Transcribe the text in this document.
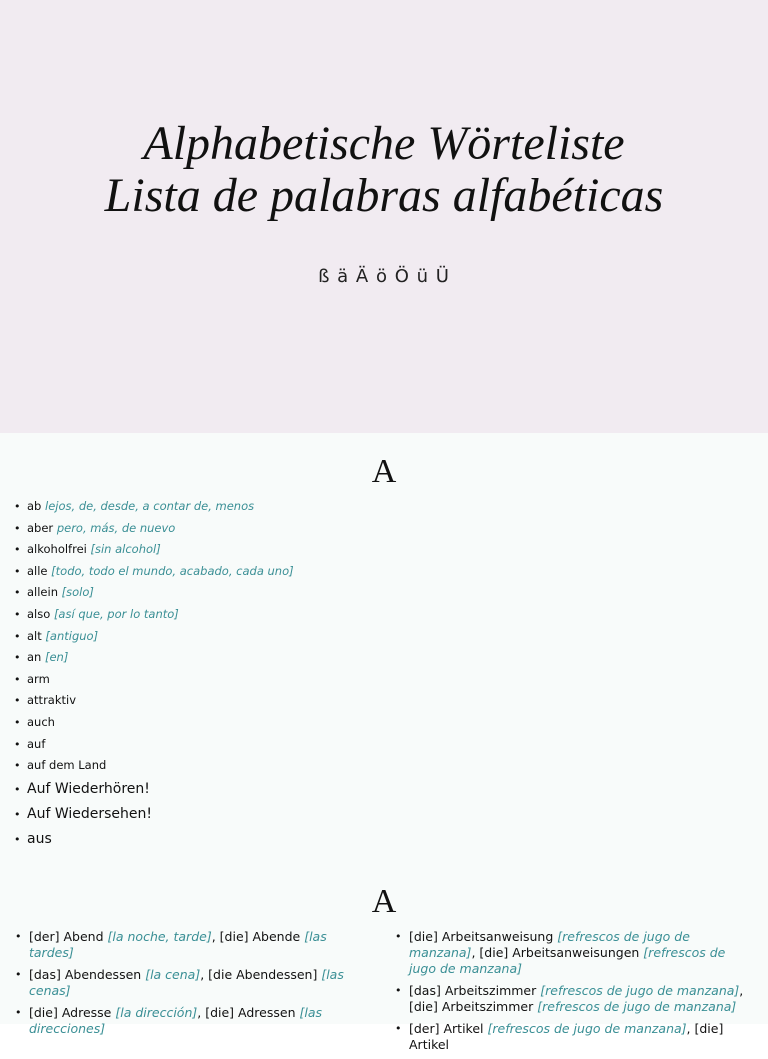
Alphabetische Wörteliste
Lista de palabras alfabéticas
ß ä Ä ö Ö ü Ü
A
• ab lejos, de, desde, a contar de, menos
• aber pero, más, de nuevo
• alkoholfrei [sin alcohol]
• alle [todo, todo el mundo, acabado, cada uno]
• allein [solo]
• also [así que, por lo tanto]
• alt [antiguo]
• an [en]
• arm
• attraktiv
• auch
• auf
• auf dem Land
• Auf Wiederhören!
• Auf Wiedersehen!
• aus
A
• [der] Abend [la noche, tarde], [die] Abende [las tardes]
• [das] Abendessen [la cena], [die Abendessen] [las cenas]
• [die] Adresse [la dirección], [die] Adressen [las direcciones]
• [die] Arbeitsanweisung [refrescos de jugo de manzana], [die] Arbeitsanweisungen [refrescos de jugo de manzana]
• [das] Arbeitszimmer [refrescos de jugo de manzana], [die] Arbeitszimmer [refrescos de jugo de manzana]
• [der] Artikel [refrescos de jugo de manzana], [die] Artikel
